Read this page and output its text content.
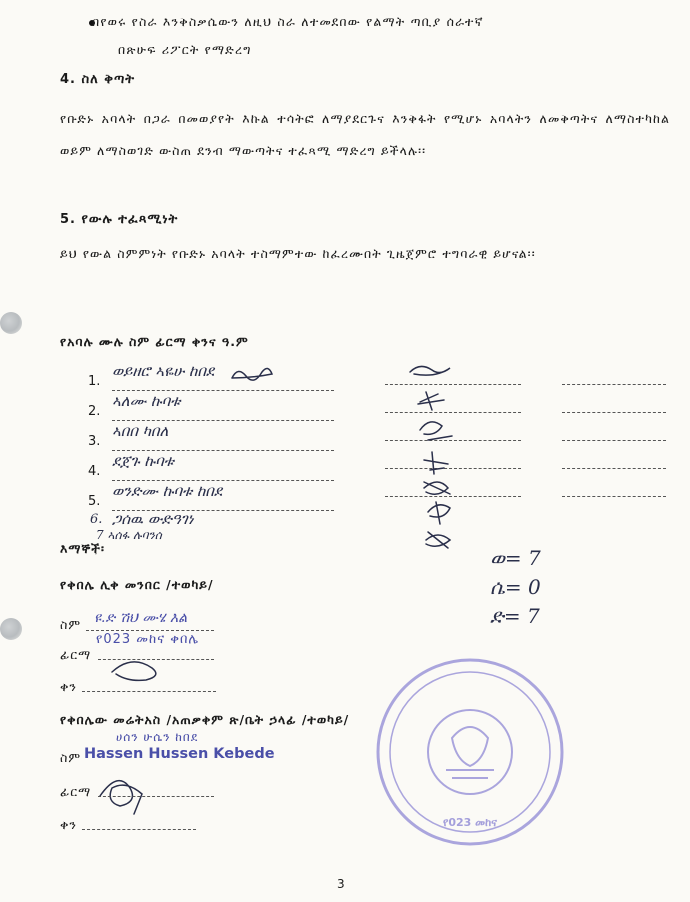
በየወሩ የስራ እንቅስቃሴውን ለዚህ ስራ ለተመደበው የልማት ጣቢያ ሰራተኛ
በጽሁፍ ሪፖርት የማድረግ
4. ስለ ቅጣት
የቡድኑ አባላት በጋራ በመወያየት እኩል ተሳትፎ ለማያደርጉና እንቅፋት የሚሆኑ አባላትን ለመቅጣትና ለማስተካከል ወይም ለማስወገድ ውስጠ ደንብ ማውጣትና ተፈጻሚ ማድረግ ይችላሉ፡፡
5. የውሉ ተፈጻሚነት
ይህ የውል ስምምነት የቡድኑ አባላት ተስማምተው ከፈረሙበት ጊዜጀምሮ ተግባራዊ ይሆናል፡፡
የአባሉ ሙሉ ስም ፊርማ ቀንና ዓ.ም
1.
ወይዘሮ ኣዬሁ ከበደ
2.
ኣለሙ ኩባቱ
3.
ኣበበ ካበለ
4.
ደጀጉ ኩባቱ
5.
ወንድሙ ኩባቱ ከበደ
6. ጋሰዉ ውድዓገነ
7 ኣሰፋ ሉባንሰ
እማኞች፡	ወ= 7
ሴ= 0
ድ= 7
የቀበሌ ሊቀ መንበር /ተወካይ/
ስም ዩ.ድ ሽህ ሙሄ እል
የ023 መከና ቀበሌ
ፊርማ
ቀን
የቀበሌው መሬትአስ /አጠቃቀም ጽ/ቤት ኃላፊ /ተወካይ/
ሀሰን ሁሴን ከበደ
ስም Hassen Hussen Kebede
ፊርማ
ቀን	የ023 መከና
3
